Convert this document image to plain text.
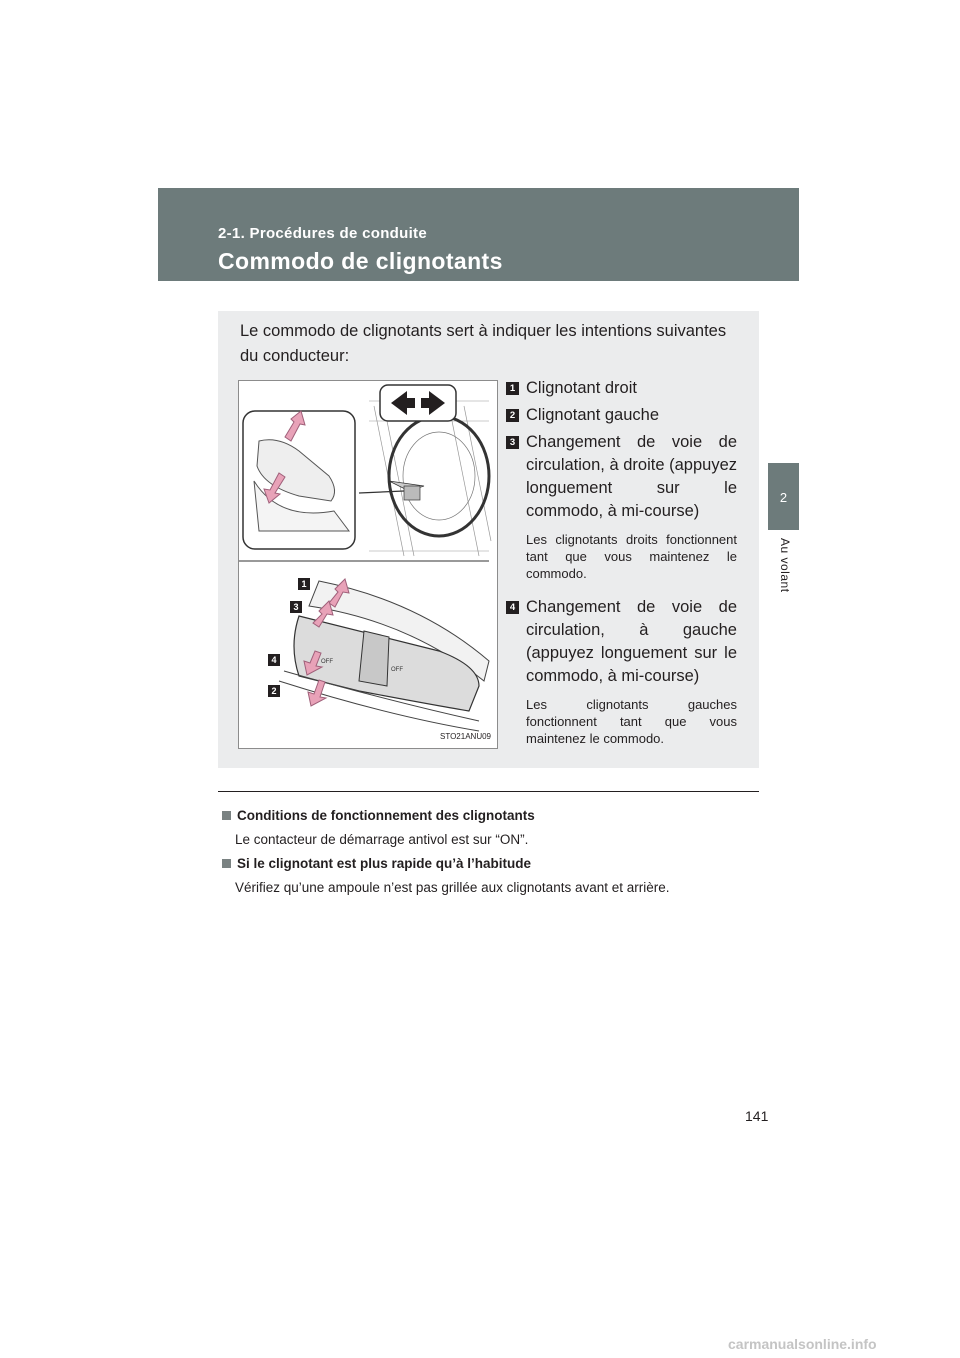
2-1. Procédures de conduite
Commodo de clignotants
2
Au volant
Le commodo de clignotants sert à indiquer les intentions suivantes du conducteur:
OFF
OFF
1
3
4
2
STO21ANU09
1 Clignotant droit
2 Clignotant gauche
3 Changement de voie de circulation, à droite (appuyez longuement sur le commodo, à mi-course)
Les clignotants droits fonctionnent tant que vous maintenez le commodo.
4 Changement de voie de circulation, à gauche (appuyez longuement sur le commodo, à mi-course)
Les clignotants gauches fonctionnent tant que vous maintenez le commodo.
Conditions de fonctionnement des clignotants
Le contacteur de démarrage antivol est sur “ON”.
Si le clignotant est plus rapide qu’à l’habitude
Vérifiez qu’une ampoule n’est pas grillée aux clignotants avant et arrière.
141
carmanualsonline.info
